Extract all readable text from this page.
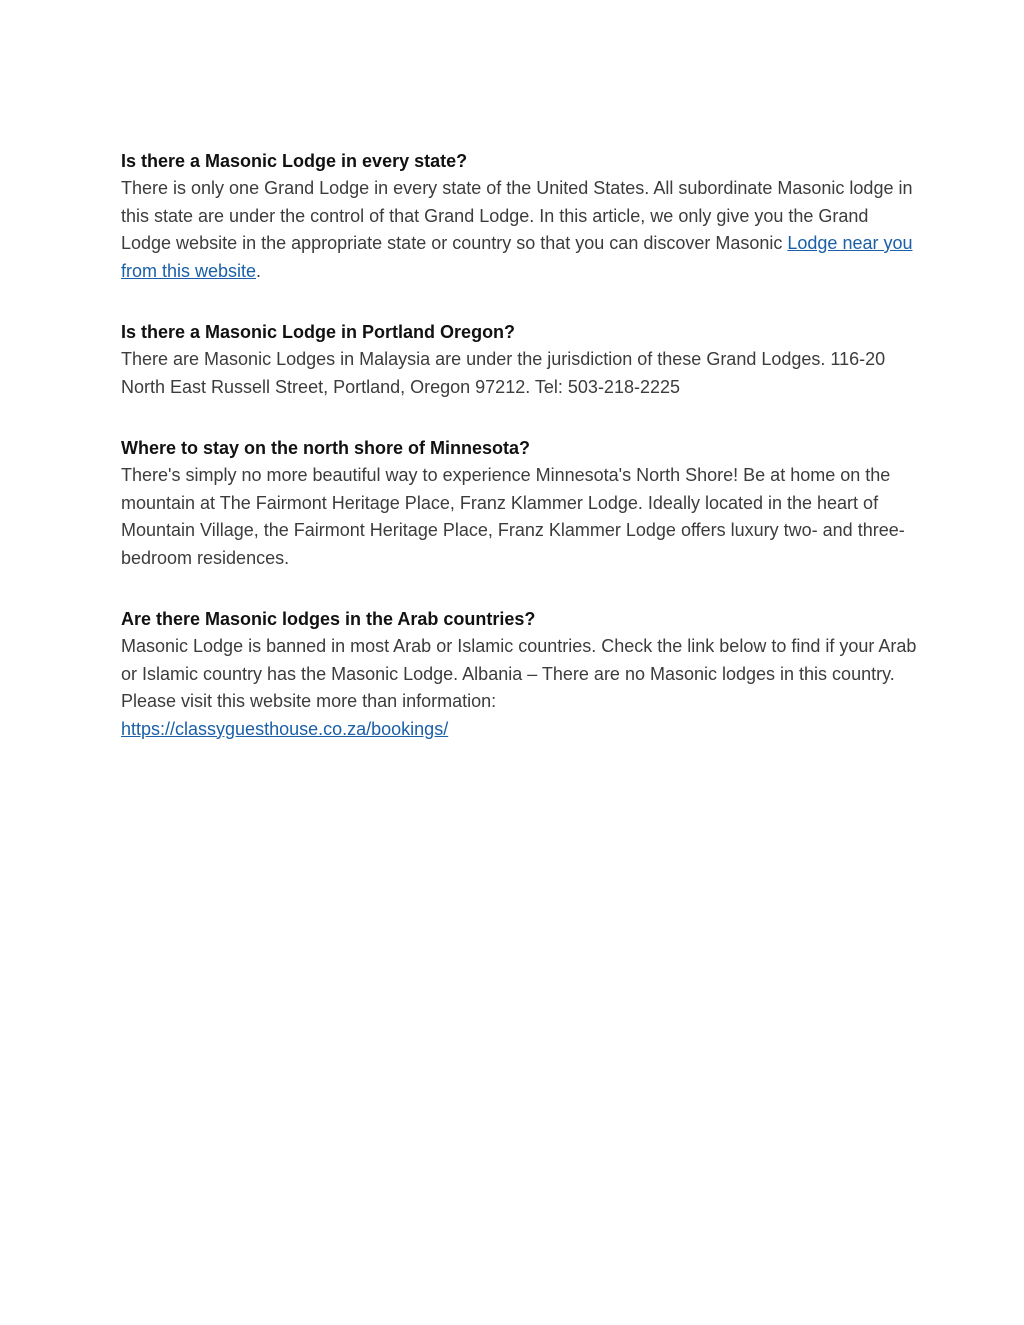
Is there a Masonic Lodge in every state?

There is only one Grand Lodge in every state of the United States. All subordinate Masonic lodge in this state are under the control of that Grand Lodge. In this article, we only give you the Grand Lodge website in the appropriate state or country so that you can discover Masonic Lodge near you from this website.

Is there a Masonic Lodge in Portland Oregon?

There are Masonic Lodges in Malaysia are under the jurisdiction of these Grand Lodges. 116-20 North East Russell Street, Portland, Oregon 97212. Tel: 503-218-2225

Where to stay on the north shore of Minnesota?

There's simply no more beautiful way to experience Minnesota's North Shore! Be at home on the mountain at The Fairmont Heritage Place, Franz Klammer Lodge. Ideally located in the heart of Mountain Village, the Fairmont Heritage Place, Franz Klammer Lodge offers luxury two- and three-bedroom residences.

Are there Masonic lodges in the Arab countries?

Masonic Lodge is banned in most Arab or Islamic countries. Check the link below to find if your Arab or Islamic country has the Masonic Lodge. Albania – There are no Masonic lodges in this country. Please visit this website more than information:
https://classyguesthouse.co.za/bookings/
